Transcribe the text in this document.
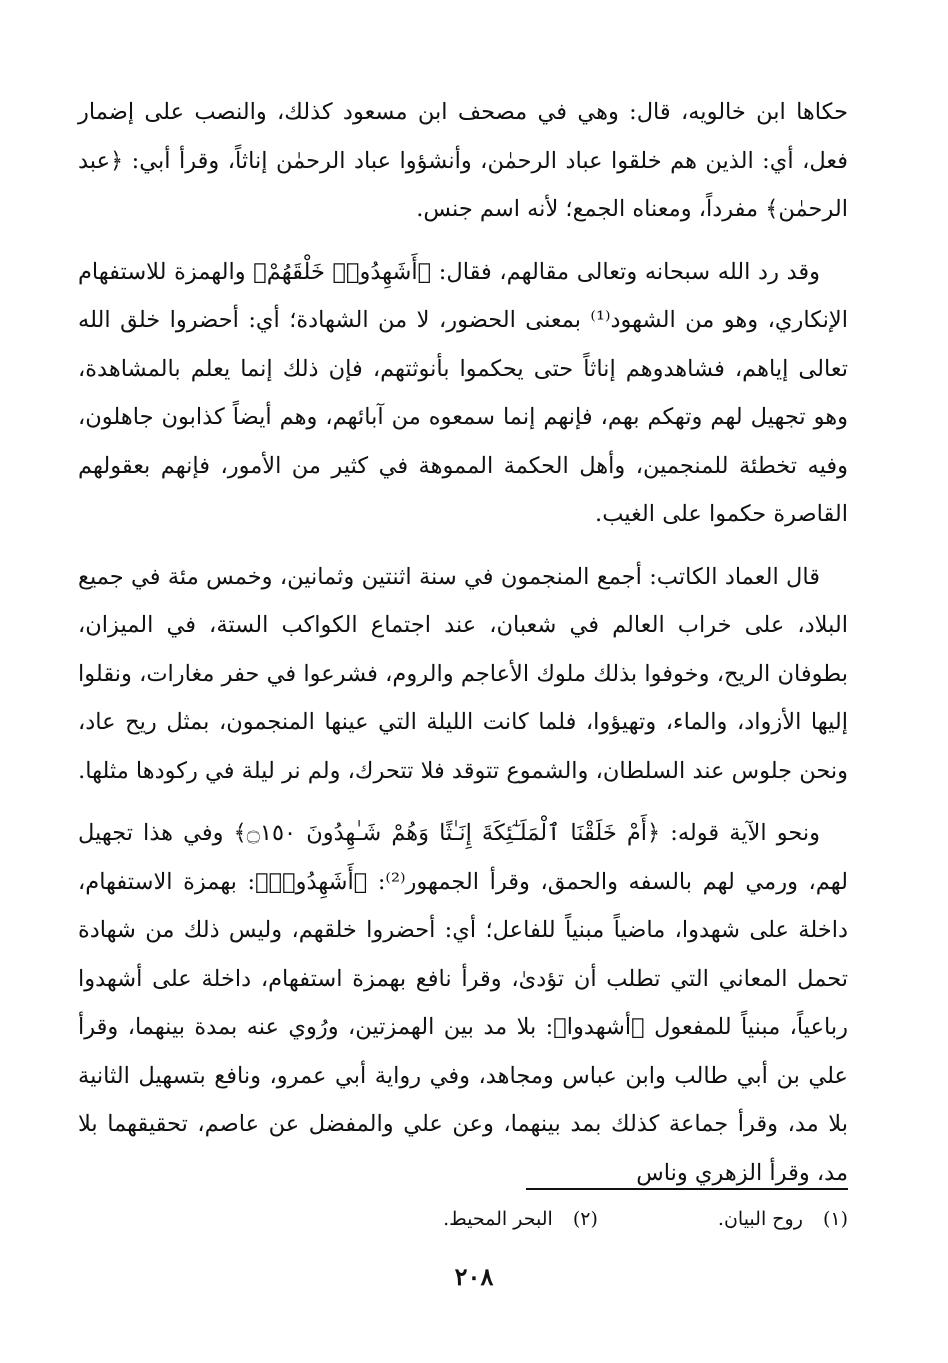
حكاها ابن خالويه، قال: وهي في مصحف ابن مسعود كذلك، والنصب على إضمار فعل، أي: الذين هم خلقوا عباد الرحمٰن، وأنشؤوا عباد الرحمٰن إناثاً، وقرأ أبي: ﴿عبد الرحمٰن﴾ مفرداً، ومعناه الجمع؛ لأنه اسم جنس.

وقد رد الله سبحانه وتعالى مقالهم، فقال: ﴿أَشَهِدُوا۟ خَلْقَهُمْ﴾ والهمزة للاستفهام الإنكاري، وهو من الشهود⁽¹⁾ بمعنى الحضور، لا من الشهادة؛ أي: أحضروا خلق الله تعالى إياهم، فشاهدوهم إناثاً حتى يحكموا بأنوثتهم، فإن ذلك إنما يعلم بالمشاهدة، وهو تجهيل لهم وتهكم بهم، فإنهم إنما سمعوه من آبائهم، وهم أيضاً كذابون جاهلون، وفيه تخطئة للمنجمين، وأهل الحكمة المموهة في كثير من الأمور، فإنهم بعقولهم القاصرة حكموا على الغيب.

قال العماد الكاتب: أجمع المنجمون في سنة اثنتين وثمانين، وخمس مئة في جميع البلاد، على خراب العالم في شعبان، عند اجتماع الكواكب الستة، في الميزان، بطوفان الريح، وخوفوا بذلك ملوك الأعاجم والروم، فشرعوا في حفر مغارات، ونقلوا إليها الأزواد، والماء، وتهيؤوا، فلما كانت الليلة التي عينها المنجمون، بمثل ريح عاد، ونحن جلوس عند السلطان، والشموع تتوقد فلا تتحرك، ولم نر ليلة في ركودها مثلها.

ونحو الآية قوله: ﴿أَمْ خَلَقْنَا ٱلْمَلَـٰٓئِكَةَ إِنَـٰثًا وَهُمْ شَـٰهِدُونَ ۝١٥٠﴾ وفي هذا تجهيل لهم، ورمي لهم بالسفه والحمق، وقرأ الجمهور⁽²⁾: ﴿أَشَهِدُوا۟﴾: بهمزة الاستفهام، داخلة على شهدوا، ماضياً مبنياً للفاعل؛ أي: أحضروا خلقهم، وليس ذلك من شهادة تحمل المعاني التي تطلب أن تؤدىٰ، وقرأ نافع بهمزة استفهام، داخلة على أشهدوا رباعياً، مبنياً للمفعول ﴿أشهدوا﴾: بلا مد بين الهمزتين، ورُوي عنه بمدة بينهما، وقرأ علي بن أبي طالب وابن عباس ومجاهد، وفي رواية أبي عمرو، ونافع بتسهيل الثانية بلا مد، وقرأ جماعة كذلك بمد بينهما، وعن علي والمفضل عن عاصم، تحقيقهما بلا مد، وقرأ الزهري وناس

(١) روح البيان.
(٢) البحر المحيط.
٢٠٨
